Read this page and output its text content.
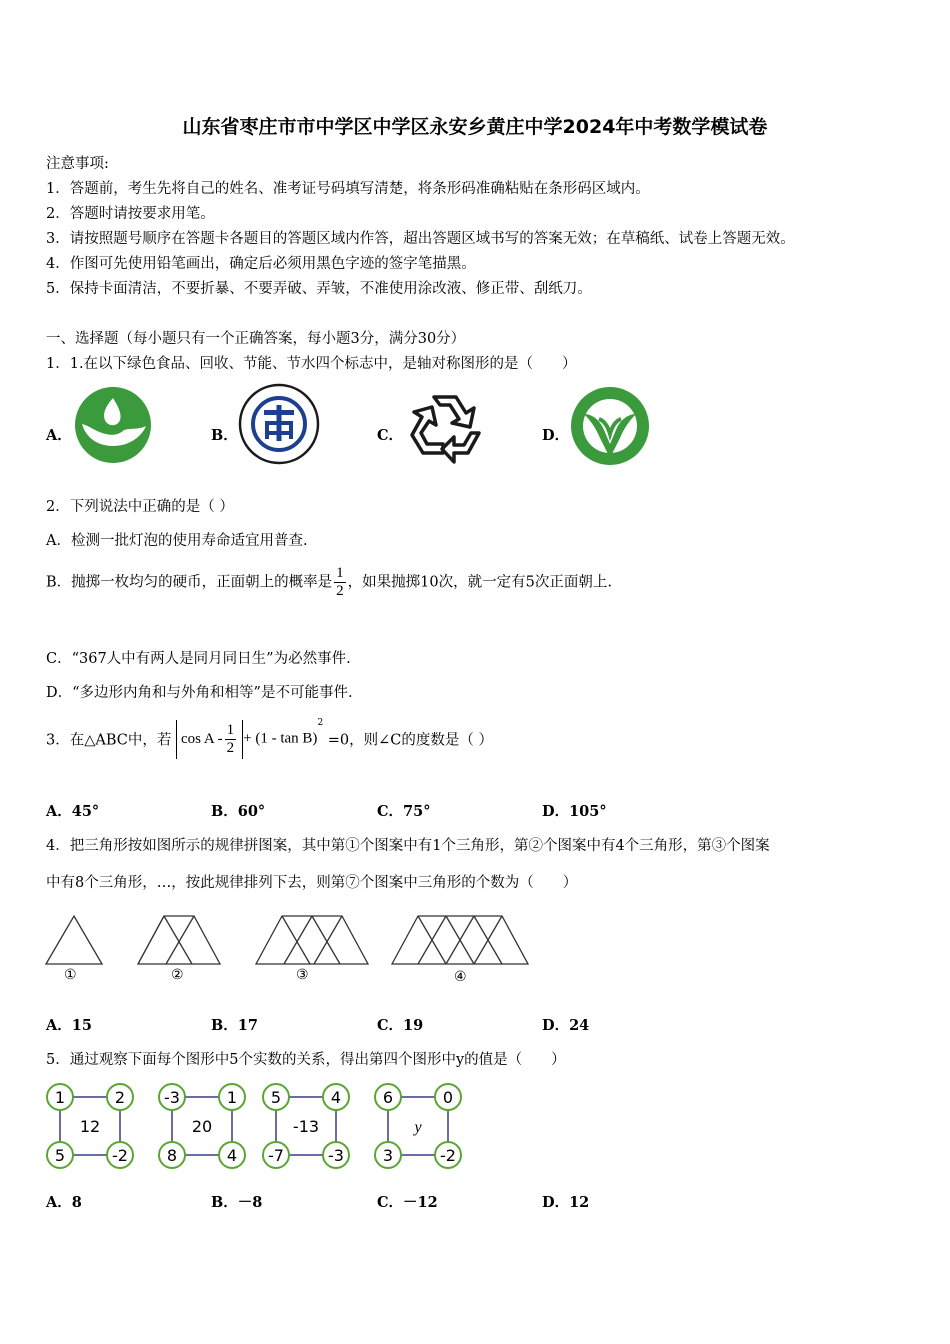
山东省枣庄市市中学区中学区永安乡黄庄中学2024年中考数学模试卷
注意事项:
1．答题前，考生先将自己的姓名、准考证号码填写清楚，将条形码准确粘贴在条形码区域内。
2．答题时请按要求用笔。
3．请按照题号顺序在答题卡各题目的答题区域内作答，超出答题区域书写的答案无效；在草稿纸、试卷上答题无效。
4．作图可先使用铅笔画出，确定后必须用黑色字迹的签字笔描黑。
5．保持卡面清洁，不要折暴、不要弄破、弄皱，不准使用涂改液、修正带、刮纸刀。
一、选择题（每小题只有一个正确答案，每小题3分，满分30分）
1．1.在以下绿色食品、回收、节能、节水四个标志中，是轴对称图形的是（　　）
A．	B．	C．	D．
2．下列说法中正确的是（ ）
A．检测一批灯泡的使用寿命适宜用普查.
B．抛掷一枚均匀的硬币，正面朝上的概率是 $\frac{1}{2}$ ，如果抛掷10次，就一定有5次正面朝上.
C．“367人中有两人是同月同日生”为必然事件.
D．“多边形内角和与外角和相等”是不可能事件.
3．在△ABC中，若 $\cos A - \frac{1}{2} + (1 - \tan B)^2 =0$，则∠C的度数是（ ）
A．45°	B．60°	C．75°	D．105°
4．把三角形按如图所示的规律拼图案，其中第①个图案中有1个三角形，第②个图案中有4个三角形，第③个图案
中有8个三角形，…，按此规律排列下去，则第⑦个图案中三角形的个数为（　　）
①	②	③	④
A．15	B．17	C．19	D．24
5．通过观察下面每个图形中5个实数的关系，得出第四个图形中y的值是（　　）
1	2
5	-2
12
-3	1
8	4
20
5	4
-7	-3
-13
6	0
3	-2
y
A．8	B．－8	C．－12	D．12
